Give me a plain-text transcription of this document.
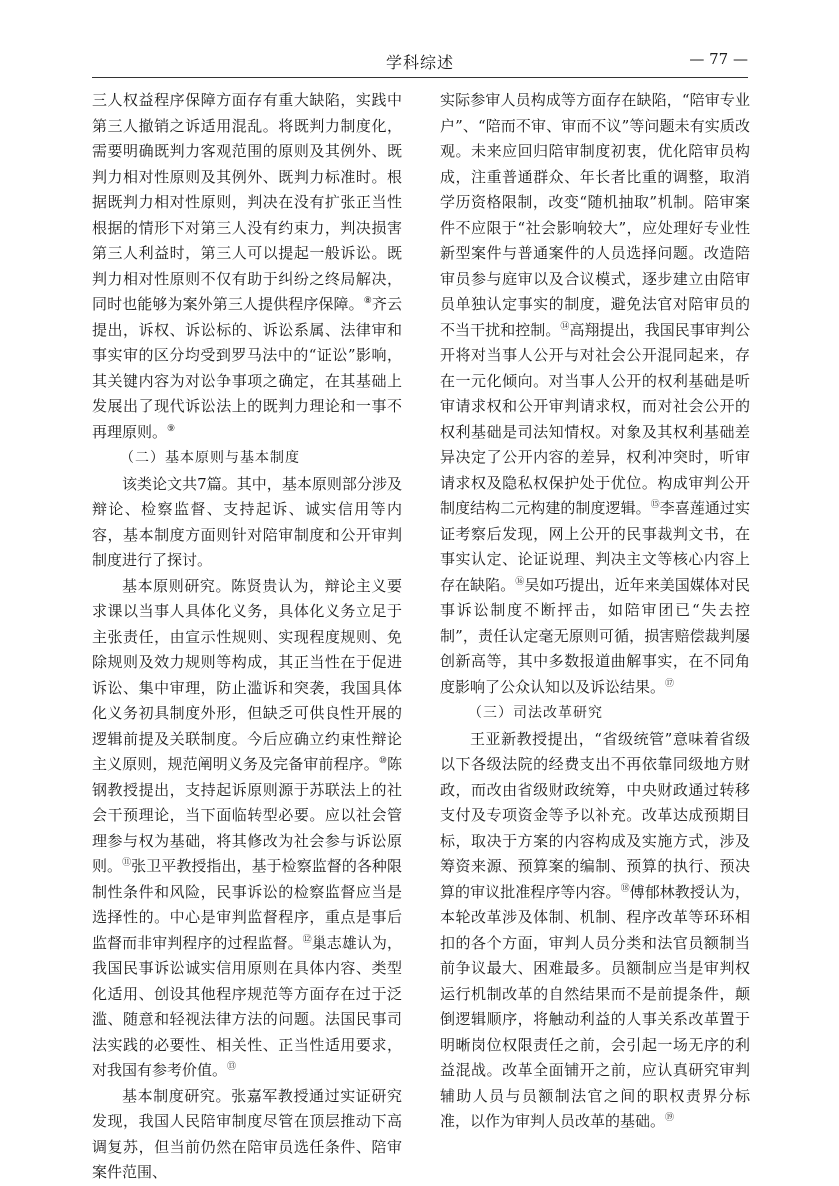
学科综述	— 77 —

三人权益程序保障方面存有重大缺陷，实践中第三人撤销之诉适用混乱。将既判力制度化，需要明确既判力客观范围的原则及其例外、既判力相对性原则及其例外、既判力标准时。根据既判力相对性原则，判决在没有扩张正当性根据的情形下对第三人没有约束力，判决损害第三人利益时，第三人可以提起一般诉讼。既判力相对性原则不仅有助于纠纷之终局解决，同时也能够为案外第三人提供程序保障。⑧齐云提出，诉权、诉讼标的、诉讼系属、法律审和事实审的区分均受到罗马法中的“证讼”影响，其关键内容为对讼争事项之确定，在其基础上发展出了现代诉讼法上的既判力理论和一事不再理原则。⑨

（二）基本原则与基本制度

该类论文共7篇。其中，基本原则部分涉及辩论、检察监督、支持起诉、诚实信用等内容，基本制度方面则针对陪审制度和公开审判制度进行了探讨。

基本原则研究。陈贤贵认为，辩论主义要求课以当事人具体化义务，具体化义务立足于主张责任，由宣示性规则、实现程度规则、免除规则及效力规则等构成，其正当性在于促进诉讼、集中审理，防止滥诉和突袭，我国具体化义务初具制度外形，但缺乏可供良性开展的逻辑前提及关联制度。今后应确立约束性辩论主义原则，规范阐明义务及完备审前程序。⑩陈钢教授提出，支持起诉原则源于苏联法上的社会干预理论，当下面临转型必要。应以社会管理参与权为基础，将其修改为社会参与诉讼原则。⑪张卫平教授指出，基于检察监督的各种限制性条件和风险，民事诉讼的检察监督应当是选择性的。中心是审判监督程序，重点是事后监督而非审判程序的过程监督。⑫巢志雄认为，我国民事诉讼诚实信用原则在具体内容、类型化适用、创设其他程序规范等方面存在过于泛滥、随意和轻视法律方法的问题。法国民事司法实践的必要性、相关性、正当性适用要求，对我国有参考价值。⑬

基本制度研究。张嘉军教授通过实证研究发现，我国人民陪审制度尽管在顶层推动下高调复苏，但当前仍然在陪审员选任条件、陪审案件范围、

实际参审人员构成等方面存在缺陷，“陪审专业户”、“陪而不审、审而不议”等问题未有实质改观。未来应回归陪审制度初衷，优化陪审员构成，注重普通群众、年长者比重的调整，取消学历资格限制，改变“随机抽取”机制。陪审案件不应限于“社会影响较大”，应处理好专业性新型案件与普通案件的人员选择问题。改造陪审员参与庭审以及合议模式，逐步建立由陪审员单独认定事实的制度，避免法官对陪审员的不当干扰和控制。⑭高翔提出，我国民事审判公开将对当事人公开与对社会公开混同起来，存在一元化倾向。对当事人公开的权利基础是听审请求权和公开审判请求权，而对社会公开的权利基础是司法知情权。对象及其权利基础差异决定了公开内容的差异，权利冲突时，听审请求权及隐私权保护处于优位。构成审判公开制度结构二元构建的制度逻辑。⑮李喜莲通过实证考察后发现，网上公开的民事裁判文书，在事实认定、论证说理、判决主文等核心内容上存在缺陷。⑯吴如巧提出，近年来美国媒体对民事诉讼制度不断抨击，如陪审团已“失去控制”，责任认定毫无原则可循，损害赔偿裁判屡创新高等，其中多数报道曲解事实，在不同角度影响了公众认知以及诉讼结果。⑰

（三）司法改革研究

王亚新教授提出，“省级统管”意味着省级以下各级法院的经费支出不再依靠同级地方财政，而改由省级财政统筹，中央财政通过转移支付及专项资金等予以补充。改革达成预期目标，取决于方案的内容构成及实施方式，涉及筹资来源、预算案的编制、预算的执行、预决算的审议批准程序等内容。⑱傅郁林教授认为，本轮改革涉及体制、机制、程序改革等环环相扣的各个方面，审判人员分类和法官员额制当前争议最大、困难最多。员额制应当是审判权运行机制改革的自然结果而不是前提条件，颠倒逻辑顺序，将触动利益的人事关系改革置于明晰岗位权限责任之前，会引起一场无序的利益混战。改革全面铺开之前，应认真研究审判辅助人员与员额制法官之间的职权责界分标准，以作为审判人员改革的基础。⑲
